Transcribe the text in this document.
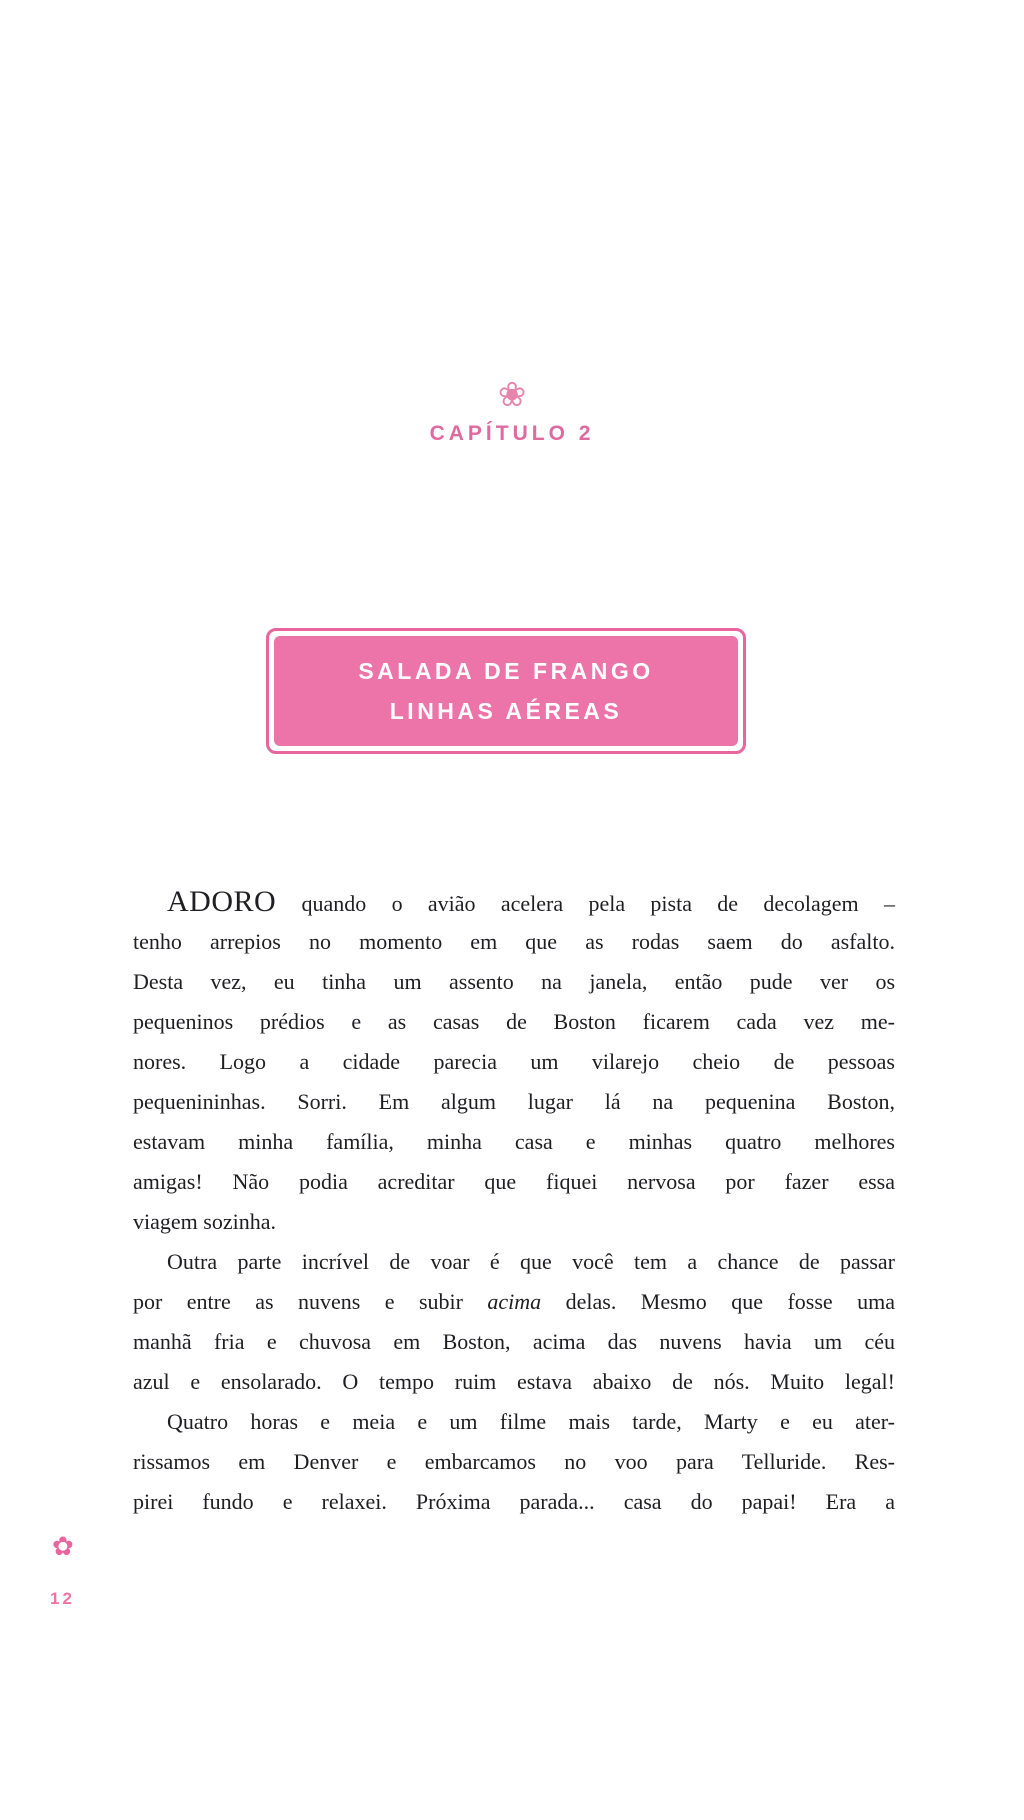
❀
CAPÍTULO 2
SALADA DE FRANGO
LINHAS AÉREAS
ADORO quando o avião acelera pela pista de decolagem –
tenho arrepios no momento em que as rodas saem do asfalto.
Desta vez, eu tinha um assento na janela, então pude ver os
pequeninos prédios e as casas de Boston ficarem cada vez me-
nores. Logo a cidade parecia um vilarejo cheio de pessoas
pequenininhas. Sorri. Em algum lugar lá na pequenina Boston,
estavam minha família, minha casa e minhas quatro melhores
amigas! Não podia acreditar que fiquei nervosa por fazer essa
viagem sozinha.
Outra parte incrível de voar é que você tem a chance de passar
por entre as nuvens e subir acima delas. Mesmo que fosse uma
manhã fria e chuvosa em Boston, acima das nuvens havia um céu
azul e ensolarado. O tempo ruim estava abaixo de nós. Muito legal!
Quatro horas e meia e um filme mais tarde, Marty e eu ater-
rissamos em Denver e embarcamos no voo para Telluride. Res-
pirei fundo e relaxei. Próxima parada... casa do papai! Era a
✿
12
